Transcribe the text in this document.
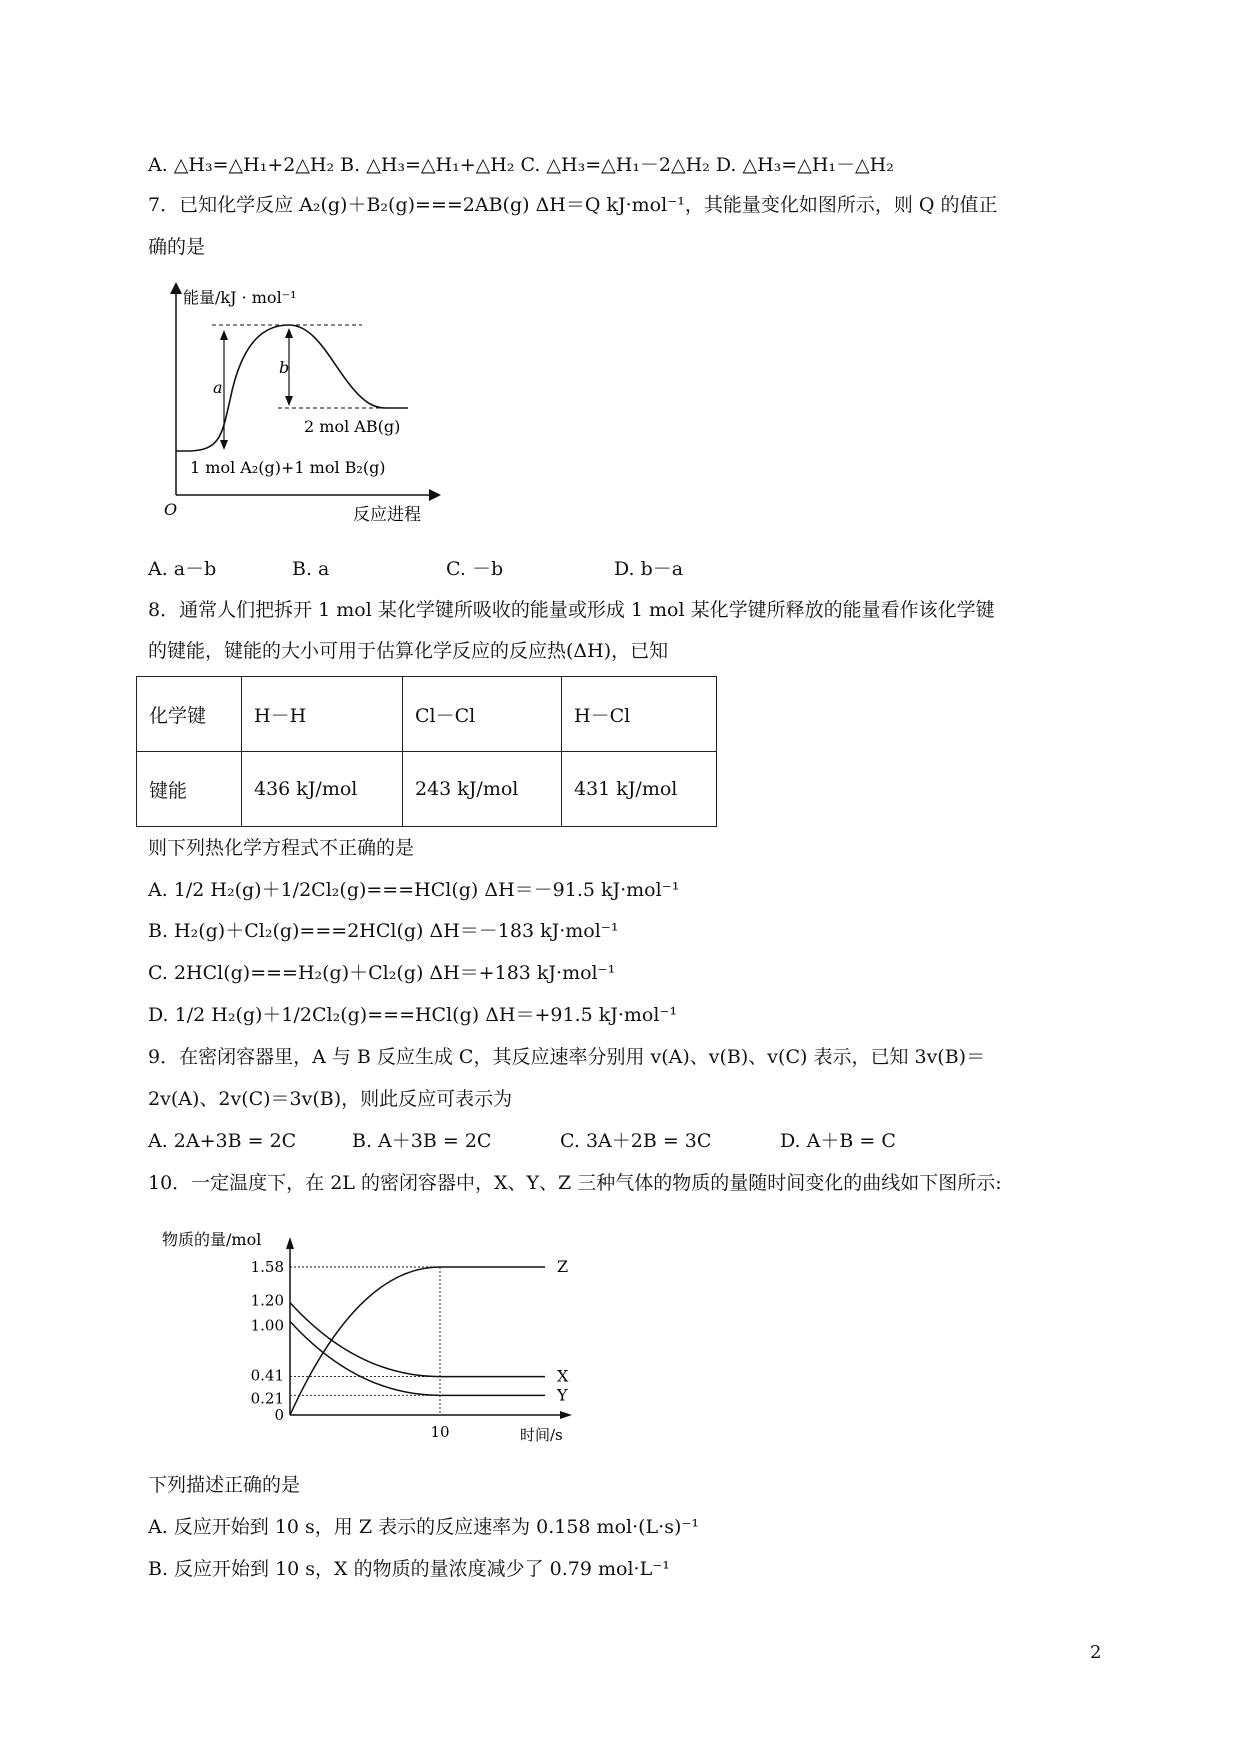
A. △H₃=△H₁+2△H₂ B. △H₃=△H₁+△H₂ C. △H₃=△H₁－2△H₂ D. △H₃=△H₁－△H₂
7．已知化学反应 A₂(g)＋B₂(g)===2AB(g) ΔH＝Q kJ·mol⁻¹，其能量变化如图所示，则 Q 的值正
确的是
能量/kJ · mol⁻¹
O	反应进程
a
b
2 mol AB(g)
1 mol A₂(g)+1 mol B₂(g)
A. a－b	B. a	C. －b	D. b－a
8．通常人们把拆开 1 mol 某化学键所吸收的能量或形成 1 mol 某化学键所释放的能量看作该化学键
的键能，键能的大小可用于估算化学反应的反应热(ΔH)，已知
化学键	H－H	Cl－Cl	H－Cl
键能	436 kJ/mol	243 kJ/mol	431 kJ/mol
则下列热化学方程式不正确的是
A. 1/2 H₂(g)＋1/2Cl₂(g)===HCl(g) ΔH＝－91.5 kJ·mol⁻¹
B. H₂(g)＋Cl₂(g)===2HCl(g) ΔH＝－183 kJ·mol⁻¹
C. 2HCl(g)===H₂(g)＋Cl₂(g) ΔH＝+183 kJ·mol⁻¹
D. 1/2 H₂(g)＋1/2Cl₂(g)===HCl(g) ΔH＝+91.5 kJ·mol⁻¹
9．在密闭容器里，A 与 B 反应生成 C，其反应速率分别用 v(A)、v(B)、v(C) 表示，已知 3v(B)＝
2v(A)、2v(C)＝3v(B)，则此反应可表示为
A. 2A+3B = 2C	B. A＋3B = 2C	C. 3A＋2B = 3C	D. A＋B = C
10．一定温度下，在 2L 的密闭容器中，X、Y、Z 三种气体的物质的量随时间变化的曲线如下图所示:
物质的量/mol
时间/s
Z
X
Y
1.58
1.20
1.00
0.41
0.21
0
10
下列描述正确的是
A. 反应开始到 10 s，用 Z 表示的反应速率为 0.158 mol·(L·s)⁻¹
B. 反应开始到 10 s，X 的物质的量浓度减少了 0.79 mol·L⁻¹
2
